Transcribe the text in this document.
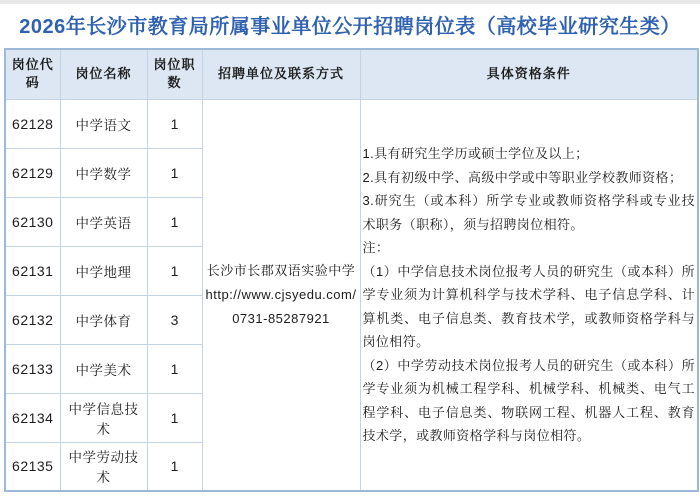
2026年长沙市教育局所属事业单位公开招聘岗位表（高校毕业研究生类）
岗位代码	岗位名称	岗位职数	招聘单位及联系方式	具体资格条件
62128	中学语文	1	
长沙市长郡双语实验中学
http://www.cjsyedu.com/
0731-85287921

1.具有研究生学历或硕士学位及以上；

2.具有初级中学、高级中学或中等职业学校教师资格；

3.研究生（或本科）所学专业或教师资格学科或专业技术职务（职称），须与招聘岗位相符。

注：

（1）中学信息技术岗位报考人员的研究生（或本科）所学专业须为计算机科学与技术学科、电子信息学科、计算机类、电子信息类、教育技术学，或教师资格学科与岗位相符。

（2）中学劳动技术岗位报考人员的研究生（或本科）所学专业须为机械工程学科、机械学科、机械类、电气工程学科、电子信息类、物联网工程、机器人工程、教育技术学，或教师资格学科与岗位相符。

62129	中学数学	1		
62130	中学英语	1		
62131	中学地理	1		
62132	中学体育	3		
62133	中学美术	1		
62134	中学信息技术	1		
62135	中学劳动技术	1		
